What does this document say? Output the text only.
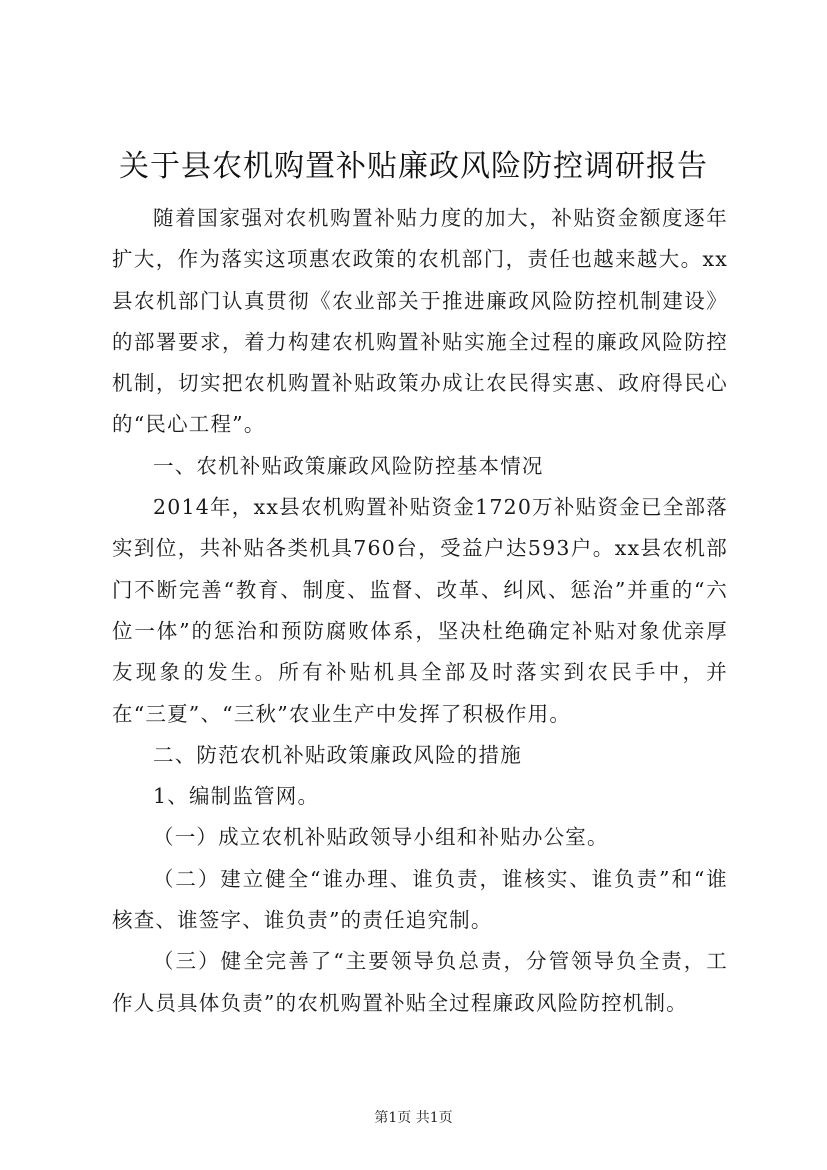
关于县农机购置补贴廉政风险防控调研报告

随着国家强对农机购置补贴力度的加大，补贴资金额度逐年扩大，作为落实这项惠农政策的农机部门，责任也越来越大。xx县农机部门认真贯彻《农业部关于推进廉政风险防控机制建设》的部署要求，着力构建农机购置补贴实施全过程的廉政风险防控机制，切实把农机购置补贴政策办成让农民得实惠、政府得民心的“民心工程”。

一、农机补贴政策廉政风险防控基本情况

2014年，xx县农机购置补贴资金1720万补贴资金已全部落实到位，共补贴各类机具760台，受益户达593户。xx县农机部门不断完善“教育、制度、监督、改革、纠风、惩治”并重的“六位一体”的惩治和预防腐败体系，坚决杜绝确定补贴对象优亲厚友现象的发生。所有补贴机具全部及时落实到农民手中，并在“三夏”、“三秋”农业生产中发挥了积极作用。

二、防范农机补贴政策廉政风险的措施

1、编制监管网。

（一）成立农机补贴政领导小组和补贴办公室。

（二）建立健全“谁办理、谁负责，谁核实、谁负责”和“谁核查、谁签字、谁负责”的责任追究制。

（三）健全完善了“主要领导负总责，分管领导负全责，工作人员具体负责”的农机购置补贴全过程廉政风险防控机制。

第1页 共1页
